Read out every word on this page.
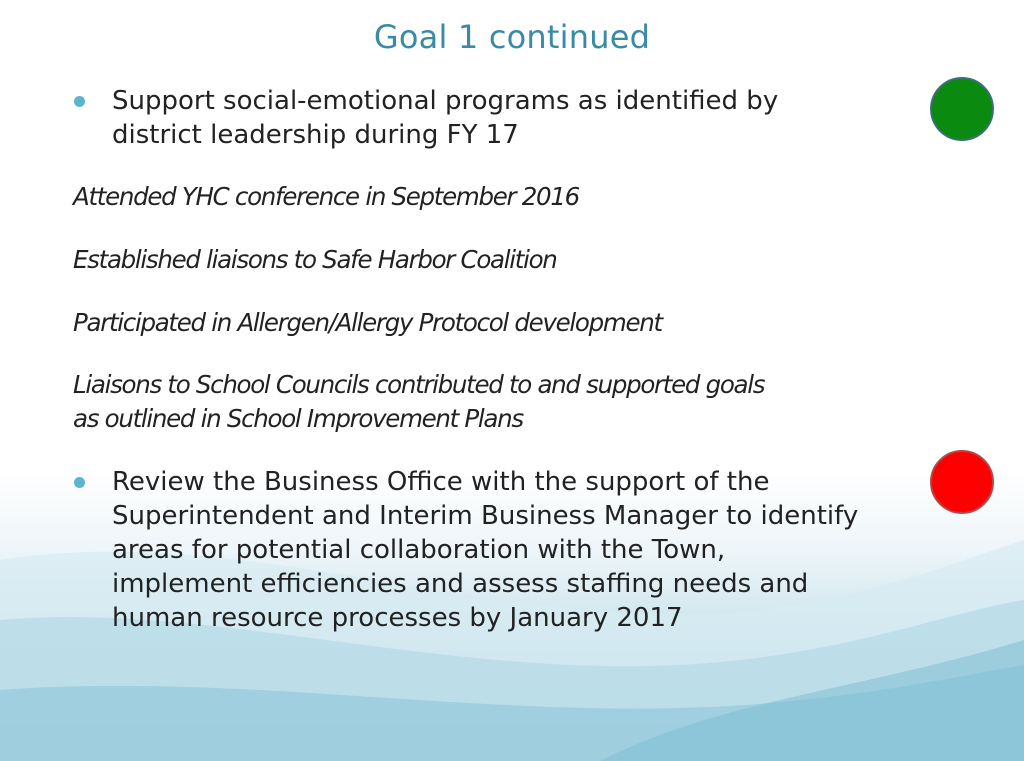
Goal 1 continued
Support social-emotional programs as identified by
district leadership during FY 17
Attended YHC conference in September 2016
Established liaisons to Safe Harbor Coalition
Participated in Allergen/Allergy Protocol development
Liaisons to School Councils contributed to and supported goals
as outlined in School Improvement Plans
Review the Business Office with the support of the
Superintendent and Interim Business Manager to identify
areas for potential collaboration with the Town,
implement efficiencies and assess staffing needs and
human resource processes by January 2017
